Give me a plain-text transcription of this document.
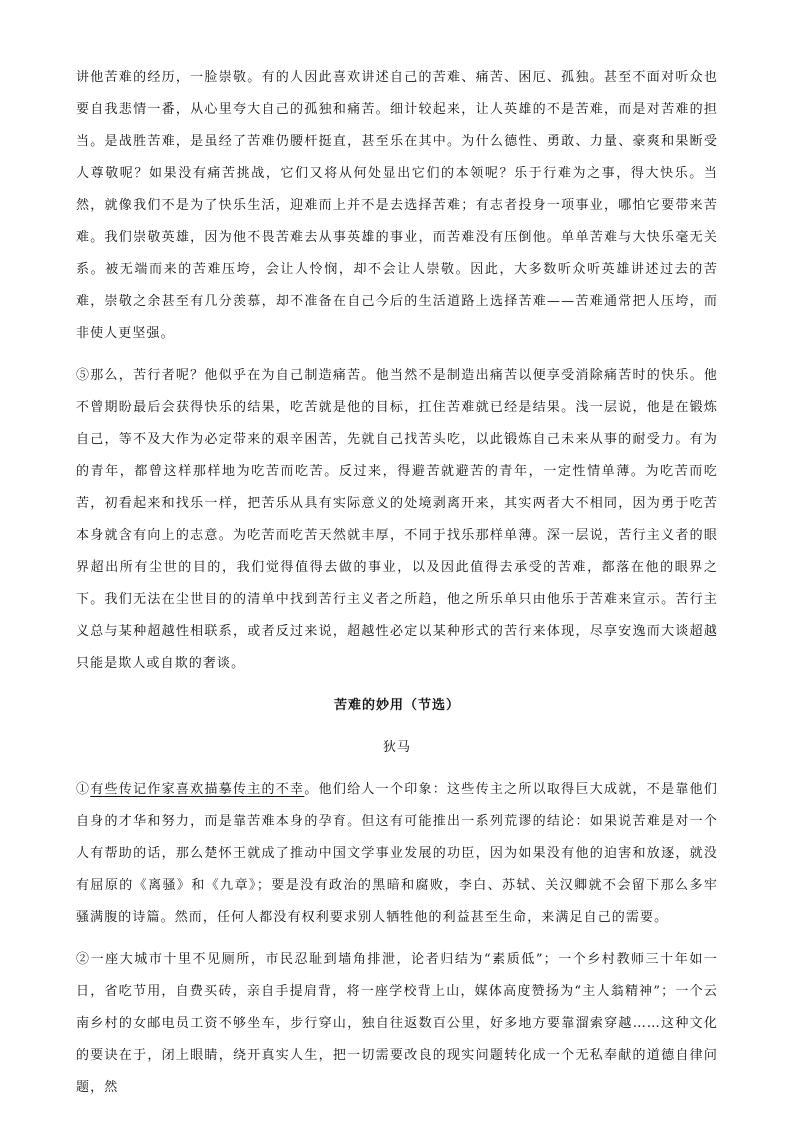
讲他苦难的经历，一脸崇敬。有的人因此喜欢讲述自己的苦难、痛苦、困厄、孤独。甚至不面对听众也要自我悲情一番，从心里夸大自己的孤独和痛苦。细计较起来，让人英雄的不是苦难，而是对苦难的担当。是战胜苦难，是虽经了苦难仍腰杆挺直，甚至乐在其中。为什么德性、勇敢、力量、豪爽和果断受人尊敬呢？如果没有痛苦挑战，它们又将从何处显出它们的本领呢？乐于行难为之事，得大快乐。当然，就像我们不是为了快乐生活，迎难而上并不是去选择苦难；有志者投身一项事业，哪怕它要带来苦难。我们崇敬英雄，因为他不畏苦难去从事英雄的事业，而苦难没有压倒他。单单苦难与大快乐毫无关系。被无端而来的苦难压垮，会让人怜悯，却不会让人崇敬。因此，大多数听众听英雄讲述过去的苦难，崇敬之余甚至有几分羡慕，却不准备在自己今后的生活道路上选择苦难——苦难通常把人压垮，而非使人更坚强。

⑤那么，苦行者呢？他似乎在为自己制造痛苦。他当然不是制造出痛苦以便享受消除痛苦时的快乐。他不曾期盼最后会获得快乐的结果，吃苦就是他的目标，扛住苦难就已经是结果。浅一层说，他是在锻炼自己，等不及大作为必定带来的艰辛困苦，先就自己找苦头吃，以此锻炼自己未来从事的耐受力。有为的青年，都曾这样那样地为吃苦而吃苦。反过来，得避苦就避苦的青年，一定性情单薄。为吃苦而吃苦，初看起来和找乐一样，把苦乐从具有实际意义的处境剥离开来，其实两者大不相同，因为勇于吃苦本身就含有向上的志意。为吃苦而吃苦天然就丰厚，不同于找乐那样单薄。深一层说，苦行主义者的眼界超出所有尘世的目的，我们觉得值得去做的事业，以及因此值得去承受的苦难，都落在他的眼界之下。我们无法在尘世目的的清单中找到苦行主义者之所趋，他之所乐单只由他乐于苦难来宣示。苦行主义总与某种超越性相联系，或者反过来说，超越性必定以某种形式的苦行来体现，尽享安逸而大谈超越只能是欺人或自欺的奢谈。

苦难的妙用（节选）

狄马

①有些传记作家喜欢描摹传主的不幸。他们给人一个印象：这些传主之所以取得巨大成就，不是靠他们自身的才华和努力，而是靠苦难本身的孕育。但这有可能推出一系列荒谬的结论：如果说苦难是对一个人有帮助的话，那么楚怀王就成了推动中国文学事业发展的功臣，因为如果没有他的迫害和放逐，就没有屈原的《离骚》和《九章》；要是没有政治的黑暗和腐败，李白、苏轼、关汉卿就不会留下那么多牢骚满腹的诗篇。然而，任何人都没有权利要求别人牺牲他的利益甚至生命，来满足自己的需要。

②一座大城市十里不见厕所，市民忍耻到墙角排泄，论者归结为“素质低”；一个乡村教师三十年如一日，省吃节用，自费买砖，亲自手提肩背，将一座学校背上山，媒体高度赞扬为“主人翁精神”；一个云南乡村的女邮电员工资不够坐车，步行穿山，独自往返数百公里，好多地方要靠溜索穿越……这种文化的要诀在于，闭上眼睛，绕开真实人生，把一切需要改良的现实问题转化成一个无私奉献的道德自律问题，然
